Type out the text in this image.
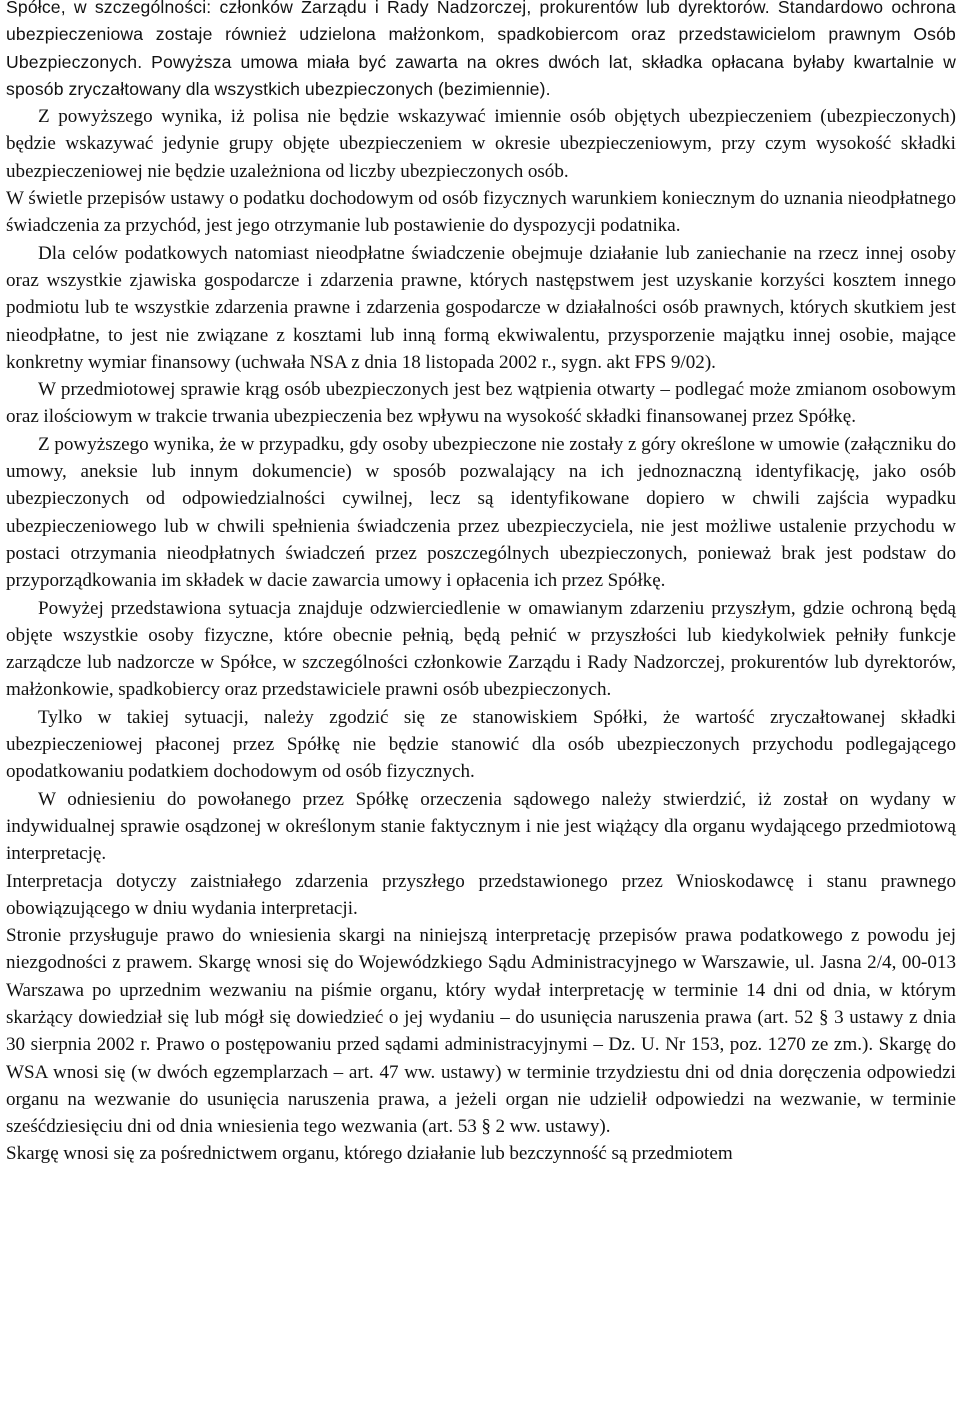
Spółce, w szczególności: członków Zarządu i Rady Nadzorczej, prokurentów lub dyrektorów. Standardowo ochrona ubezpieczeniowa zostaje również udzielona małżonkom, spadkobiercom oraz przedstawicielom prawnym Osób Ubezpieczonych. Powyższa umowa miała być zawarta na okres dwóch lat, składka opłacana byłaby kwartalnie w sposób zryczałtowany dla wszystkich ubezpieczonych (bezimiennie).

Z powyższego wynika, iż polisa nie będzie wskazywać imiennie osób objętych ubezpieczeniem (ubezpieczonych) będzie wskazywać jedynie grupy objęte ubezpieczeniem w okresie ubezpieczeniowym, przy czym wysokość składki ubezpieczeniowej nie będzie uzależniona od liczby ubezpieczonych osób.

W świetle przepisów ustawy o podatku dochodowym od osób fizycznych warunkiem koniecznym do uznania nieodpłatnego świadczenia za przychód, jest jego otrzymanie lub postawienie do dyspozycji podatnika.

Dla celów podatkowych natomiast nieodpłatne świadczenie obejmuje działanie lub zaniechanie na rzecz innej osoby oraz wszystkie zjawiska gospodarcze i zdarzenia prawne, których następstwem jest uzyskanie korzyści kosztem innego podmiotu lub te wszystkie zdarzenia prawne i zdarzenia gospodarcze w działalności osób prawnych, których skutkiem jest nieodpłatne, to jest nie związane z kosztami lub inną formą ekwiwalentu, przysporzenie majątku innej osobie, mające konkretny wymiar finansowy (uchwała NSA z dnia 18 listopada 2002 r., sygn. akt FPS 9/02).

W przedmiotowej sprawie krąg osób ubezpieczonych jest bez wątpienia otwarty – podlegać może zmianom osobowym oraz ilościowym w trakcie trwania ubezpieczenia bez wpływu na wysokość składki finansowanej przez Spółkę.

Z powyższego wynika, że w przypadku, gdy osoby ubezpieczone nie zostały z góry określone w umowie (załączniku do umowy, aneksie lub innym dokumencie) w sposób pozwalający na ich jednoznaczną identyfikację, jako osób ubezpieczonych od odpowiedzialności cywilnej, lecz są identyfikowane dopiero w chwili zajścia wypadku ubezpieczeniowego lub w chwili spełnienia świadczenia przez ubezpieczyciela, nie jest możliwe ustalenie przychodu w postaci otrzymania nieodpłatnych świadczeń przez poszczególnych ubezpieczonych, ponieważ brak jest podstaw do przyporządkowania im składek w dacie zawarcia umowy i opłacenia ich przez Spółkę.

Powyżej przedstawiona sytuacja znajduje odzwierciedlenie w omawianym zdarzeniu przyszłym, gdzie ochroną będą objęte wszystkie osoby fizyczne, które obecnie pełnią, będą pełnić w przyszłości lub kiedykolwiek pełniły funkcje zarządcze lub nadzorcze w Spółce, w szczególności członkowie Zarządu i Rady Nadzorczej, prokurentów lub dyrektorów, małżonkowie, spadkobiercy oraz przedstawiciele prawni osób ubezpieczonych.

Tylko w takiej sytuacji, należy zgodzić się ze stanowiskiem Spółki, że wartość zryczałtowanej składki ubezpieczeniowej płaconej przez Spółkę nie będzie stanowić dla osób ubezpieczonych przychodu podlegającego opodatkowaniu podatkiem dochodowym od osób fizycznych.

W odniesieniu do powołanego przez Spółkę orzeczenia sądowego należy stwierdzić, iż został on wydany w indywidualnej sprawie osądzonej w określonym stanie faktycznym i nie jest wiążący dla organu wydającego przedmiotową interpretację.

Interpretacja dotyczy zaistniałego zdarzenia przyszłego przedstawionego przez Wnioskodawcę i stanu prawnego obowiązującego w dniu wydania interpretacji.

Stronie przysługuje prawo do wniesienia skargi na niniejszą interpretację przepisów prawa podatkowego z powodu jej niezgodności z prawem. Skargę wnosi się do Wojewódzkiego Sądu Administracyjnego w Warszawie, ul. Jasna 2/4, 00-013 Warszawa po uprzednim wezwaniu na piśmie organu, który wydał interpretację w terminie 14 dni od dnia, w którym skarżący dowiedział się lub mógł się dowiedzieć o jej wydaniu – do usunięcia naruszenia prawa (art. 52 § 3 ustawy z dnia 30 sierpnia 2002 r. Prawo o postępowaniu przed sądami administracyjnymi – Dz. U. Nr 153, poz. 1270 ze zm.). Skargę do WSA wnosi się (w dwóch egzemplarzach – art. 47 ww. ustawy) w terminie trzydziestu dni od dnia doręczenia odpowiedzi organu na wezwanie do usunięcia naruszenia prawa, a jeżeli organ nie udzielił odpowiedzi na wezwanie, w terminie sześćdziesięciu dni od dnia wniesienia tego wezwania (art. 53 § 2 ww. ustawy).

Skargę wnosi się za pośrednictwem organu, którego działanie lub bezczynność są przedmiotem
